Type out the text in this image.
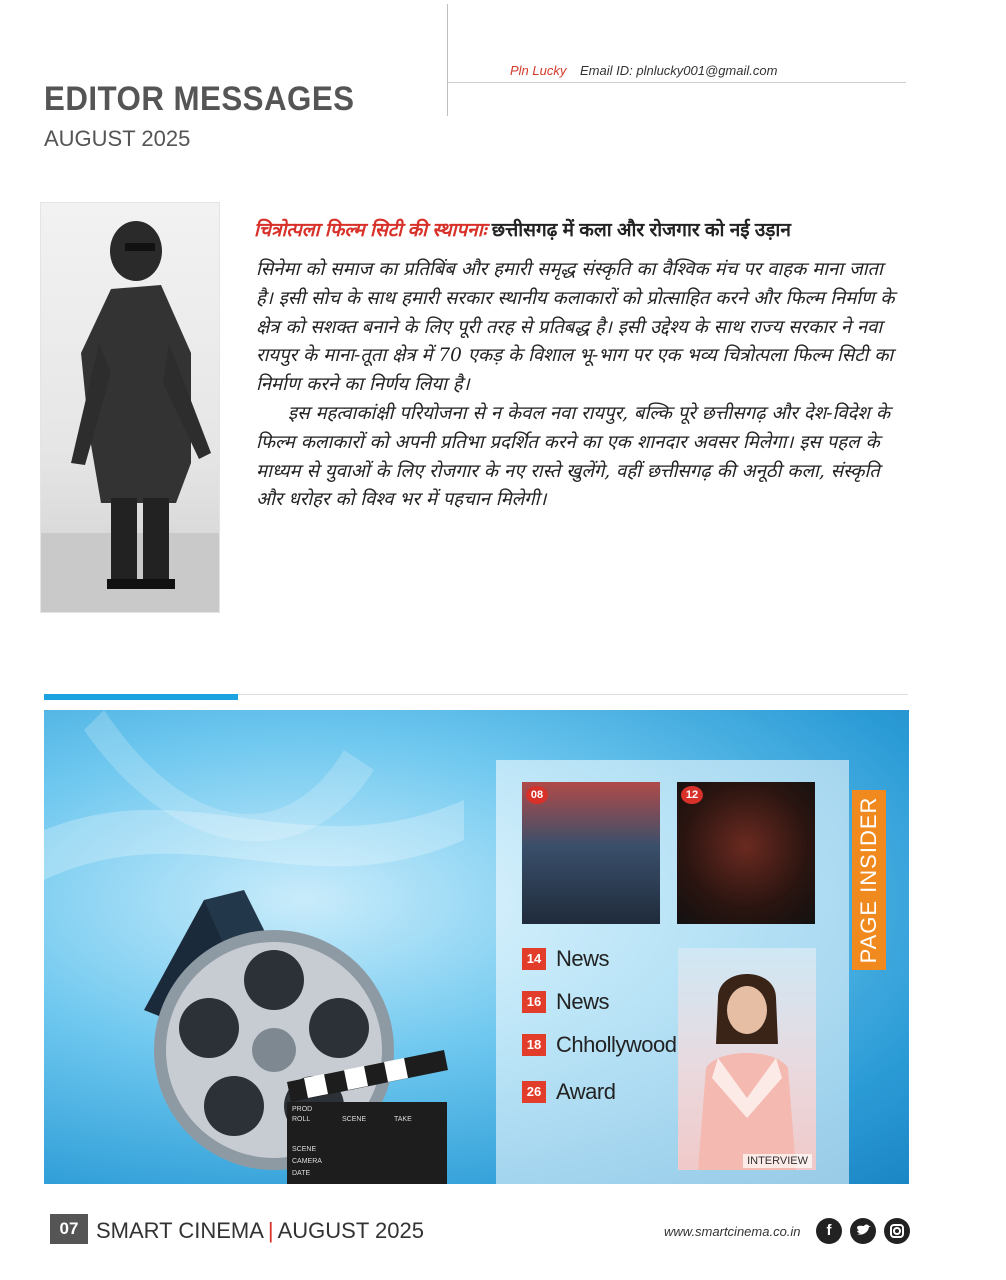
Pln Lucky Email ID: plnlucky001@gmail.com
EDITOR MESSAGES
AUGUST 2025
चित्रोत्पला फिल्म सिटी की स्थापनाः छत्तीसगढ़ में कला और रोजगार को नई उड़ान

सिनेमा को समाज का प्रतिबिंब और हमारी समृद्ध संस्कृति का वैश्विक मंच पर वाहक माना जाता है। इसी सोच के साथ हमारी सरकार स्थानीय कलाकारों को प्रोत्साहित करने और फिल्म निर्माण के क्षेत्र को सशक्त बनाने के लिए पूरी तरह से प्रतिबद्ध है। इसी उद्देश्य के साथ राज्य सरकार ने नवा रायपुर के माना-तूता क्षेत्र में 70 एकड़ के विशाल भू-भाग पर एक भव्य चित्रोत्पला फिल्म सिटी का निर्माण करने का निर्णय लिया है।

इस महत्वाकांक्षी परियोजना से न केवल नवा रायपुर, बल्कि पूरे छत्तीसगढ़ और देश-विदेश के फिल्म कलाकारों को अपनी प्रतिभा प्रदर्शित करने का एक शानदार अवसर मिलेगा। इस पहल के माध्यम से युवाओं के लिए रोजगार के नए रास्ते खुलेंगे, वहीं छत्तीसगढ़ की अनूठी कला, संस्कृति और धरोहर को विश्व भर में पहचान मिलेगी।

PROD
ROLL	SCENE	TAKE
SCENE
CAMERA
DATE
08	12
PAGE INSIDER
14 News
16 News
18 Chhollywood
26 Award
INTERVIEW
07 SMART CINEMA | AUGUST 2025	www.smartcinema.co.in	f
